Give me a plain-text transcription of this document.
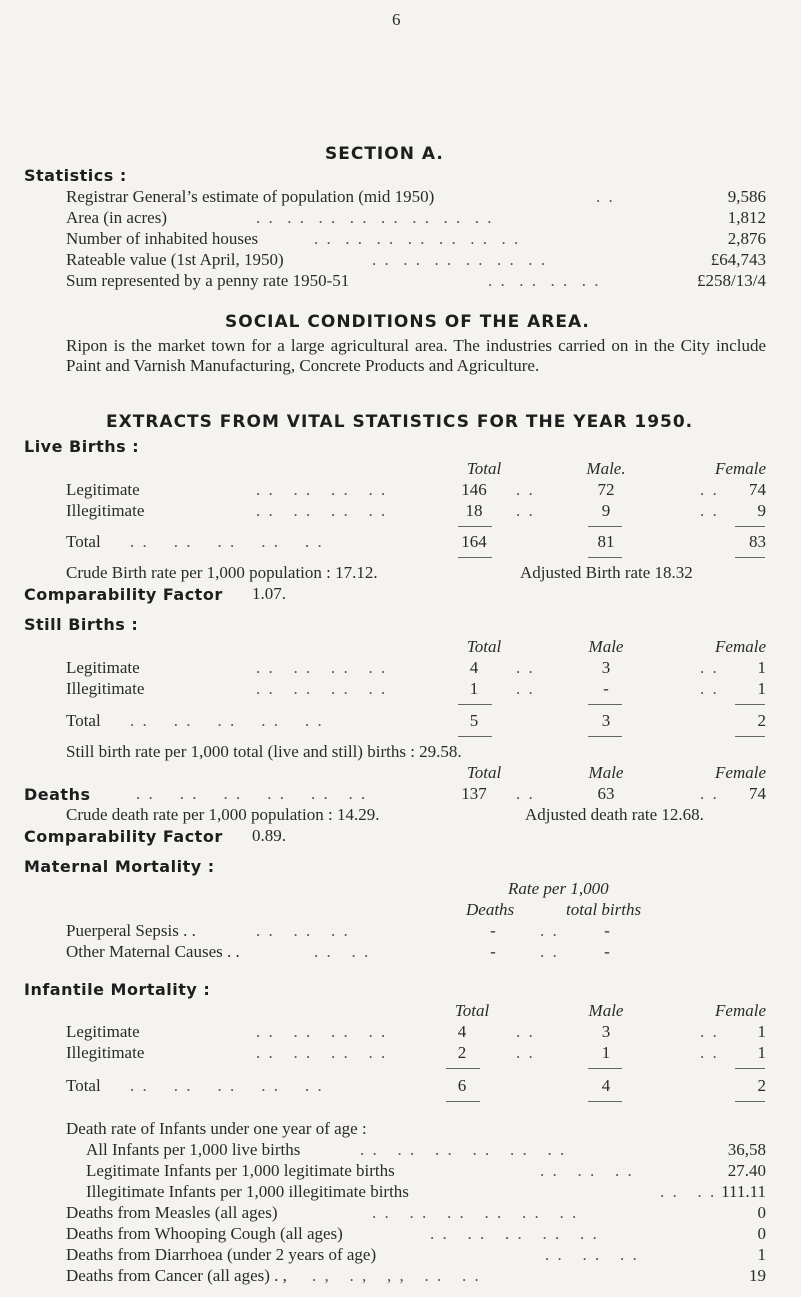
6
SECTION A.
Statistics :
Registrar General’s estimate of population (mid 1950)	. .	9,586
Area (in acres)	. .  . .  . .  . .  . .  . .  . .  . .	1,812
Number of inhabited houses	. .  . .  . .  . .  . .  . .  . .	2,876
Rateable value (1st April, 1950)	. .  . .  . .  . .  . .  . .	£64,743
Sum represented by a penny rate 1950-51	. .  . .  . .  . .	£258/13/4
SOCIAL CONDITIONS OF THE AREA.
Ripon is the market town for a large agricultural area. The industries carried on in the City include Paint and Varnish Manufacturing, Concrete Products and Agriculture.
EXTRACTS FROM VITAL STATISTICS FOR THE YEAR 1950.
Live Births :
Total	Male.	Female
Legitimate	. .   . .   . .   . .	146	. .	72	. .	74
Illegitimate	. .   . .   . .   . .	18	. .	9	. .	9
Total . .    . .    . .    . .    . .	164	81	83
Crude Birth rate per 1,000 population : 17.12.	Adjusted Birth rate 18.32
Comparability Factor 1.07.
Still Births :
Total	Male	Female
Legitimate	. .   . .   . .   . .	4	. .	3	. .	1
Illegitimate	. .   . .   . .   . .	1	. .	-	. .	1
Total . .    . .    . .    . .    . .	5	3	2
Still birth rate per 1,000 total (live and still) births : 29.58.
Total	Male	Female
Deaths	. .    . .    . .    . .    . .   . .	137	. .	63	. .	74
Crude death rate per 1,000 population : 14.29.	Adjusted death rate 12.68.
Comparability Factor 0.89.
Maternal Mortality :
Rate per 1,000
Deaths	total births
Puerperal Sepsis . .	. .   . .   . .	-	. .	-
Other Maternal Causes . .	. .   . .	-	. .	-
Infantile Mortality :
Total	Male	Female
Legitimate	. .   . .   . .   . .	4	. .	3	. .	1
Illegitimate	. .   . .   . .   . .	2	. .	1	. .	1
Total . .    . .    . .    . .    . .	6	4	2
Death rate of Infants under one year of age :
All Infants per 1,000 live births	. .   . .   . .   . .   . .   . .	36,58
Legitimate Infants per 1,000 legitimate births	. .   . .   . .	27.40
Illegitimate Infants per 1,000 illegitimate births	. .   . . 111.11
Deaths from Measles (all ages)	. .   . .   . .   . .   . .   . .	0
Deaths from Whooping Cough (all ages)	. .   . .   . .   . .   . .	0
Deaths from Diarrhoea (under 2 years of age)	. .   . .   . .	1
Deaths from Cancer (all ages) . , . ,   . ,   , ,   . .   . .	19
